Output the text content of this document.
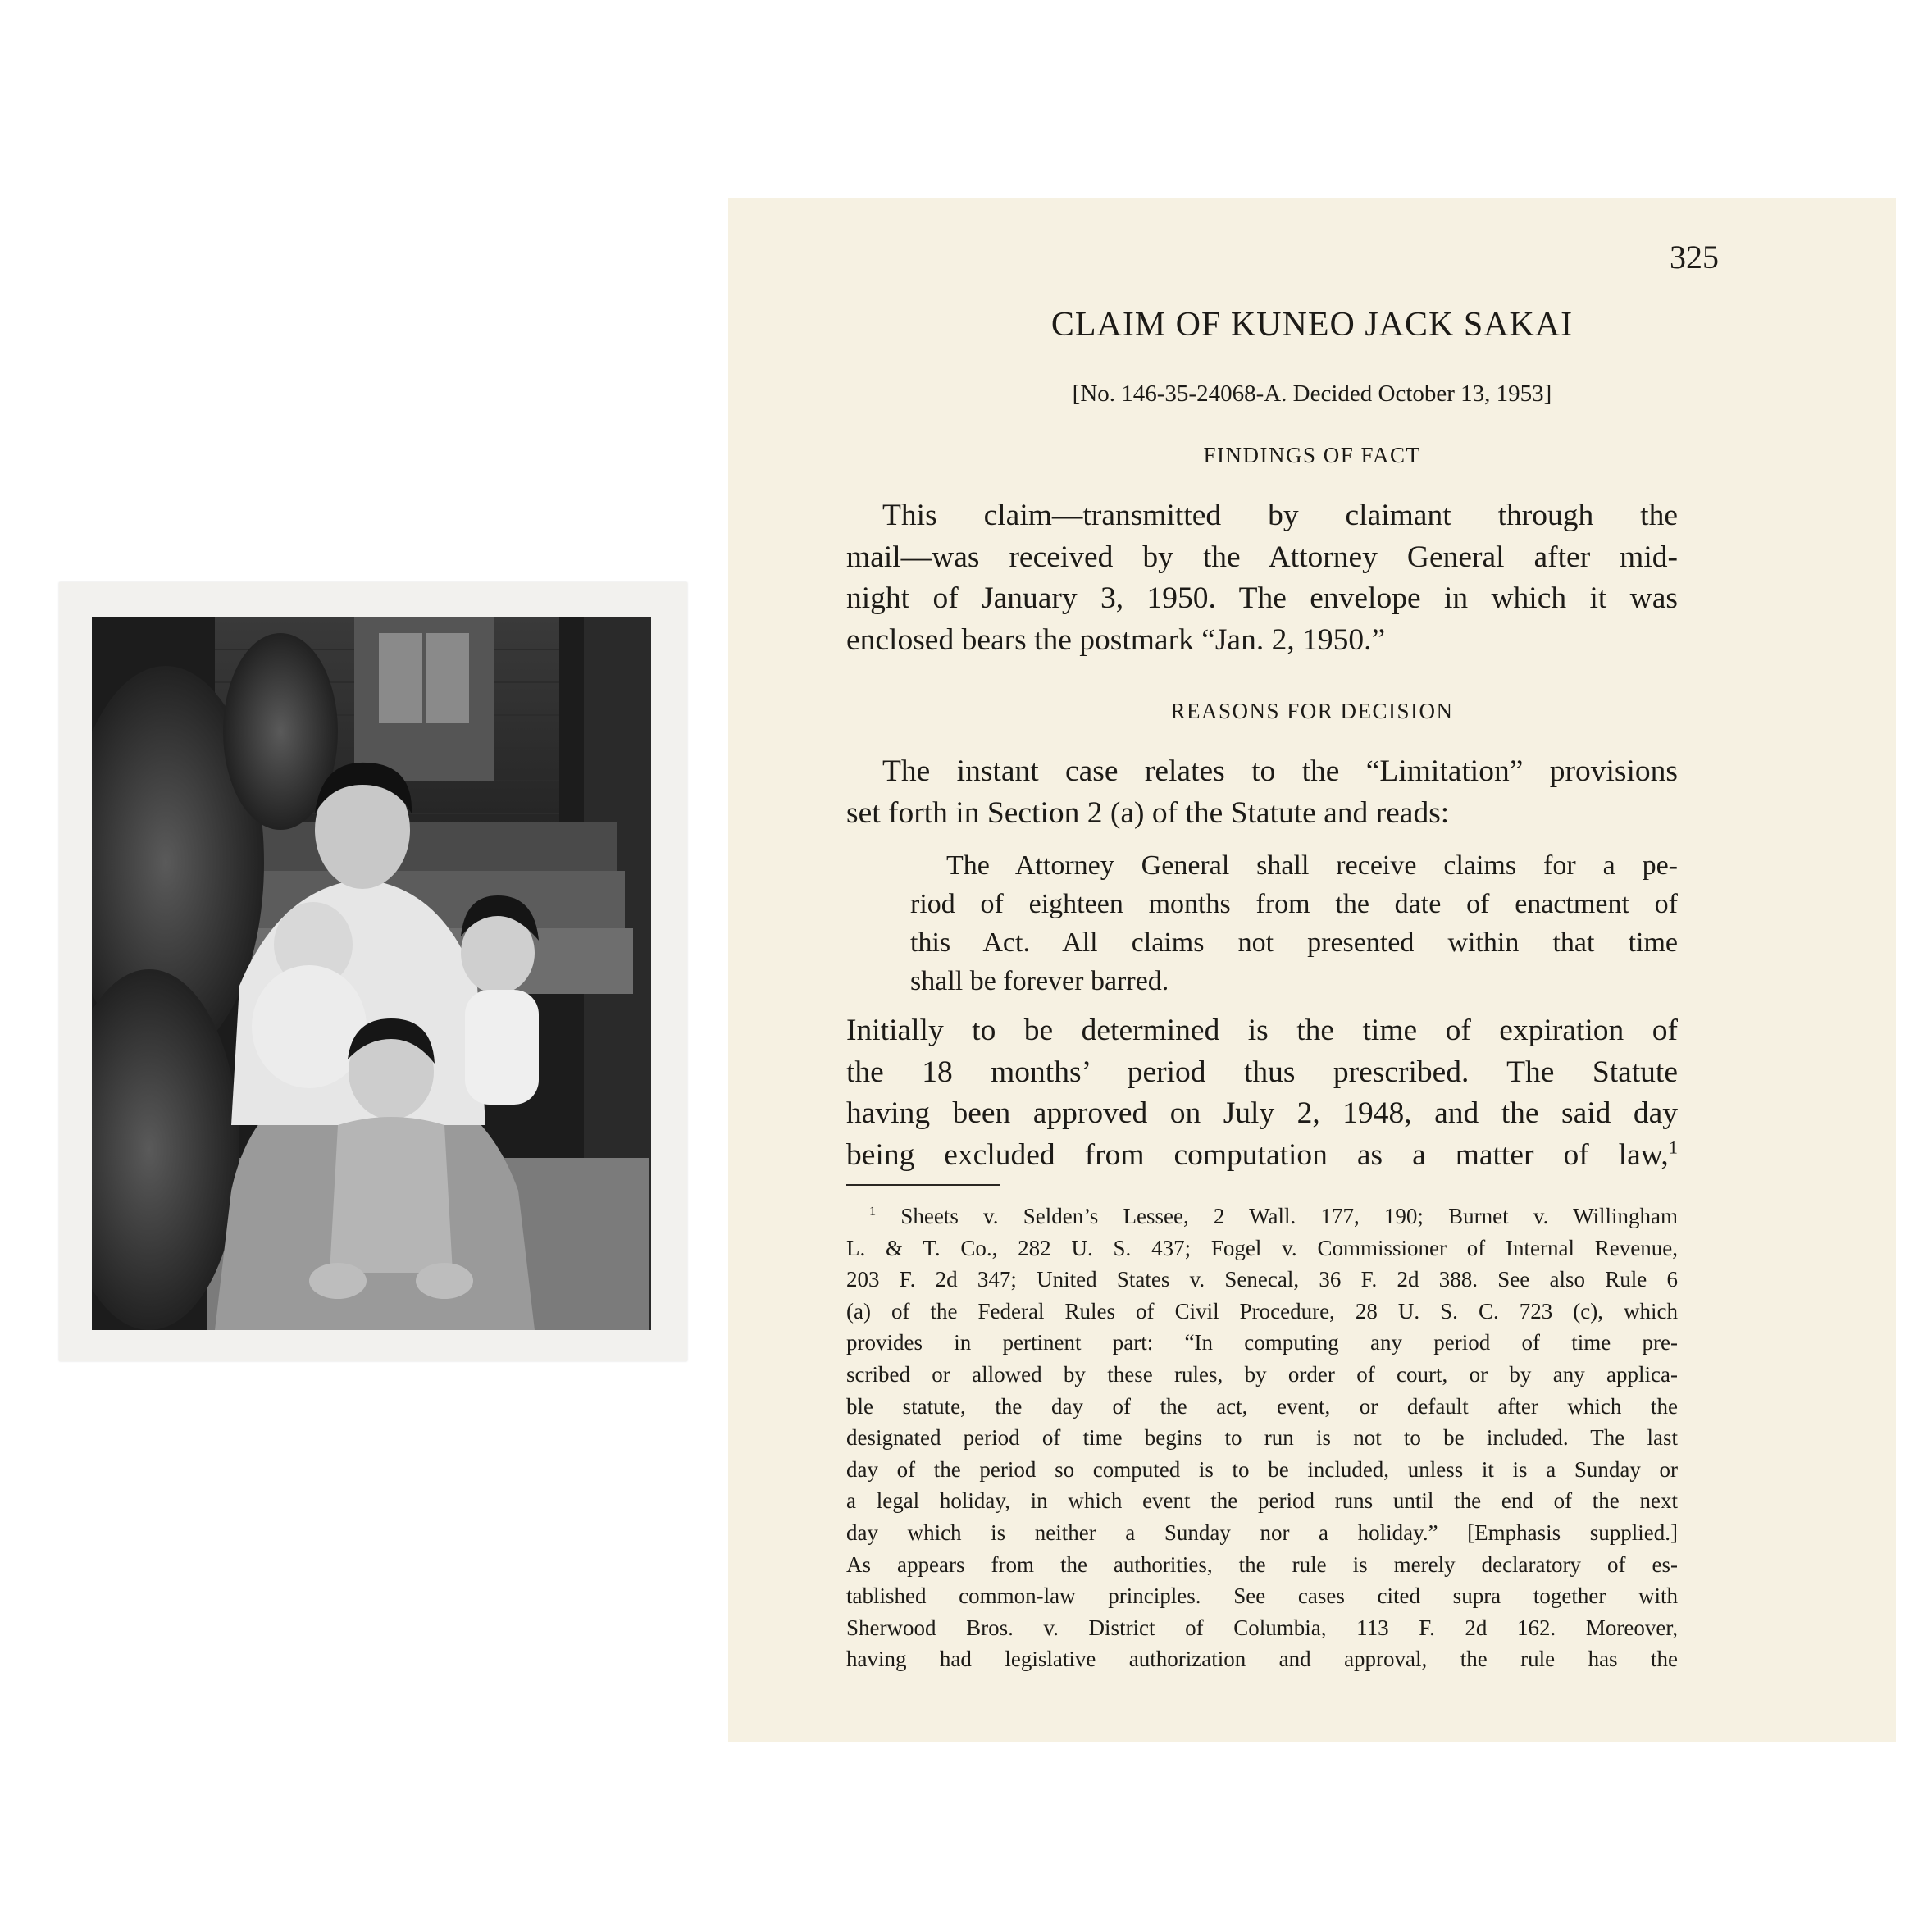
325
CLAIM OF KUNEO JACK SAKAI
[No. 146-35-24068-A. Decided October 13, 1953]
FINDINGS OF FACT
This claim—transmitted by claimant through the
mail—was received by the Attorney General after mid-
night of January 3, 1950. The envelope in which it was
enclosed bears the postmark “Jan. 2, 1950.”
REASONS FOR DECISION
The instant case relates to the “Limitation” provisions
set forth in Section 2 (a) of the Statute and reads:
The Attorney General shall receive claims for a pe-
riod of eighteen months from the date of enactment of
this Act. All claims not presented within that time
shall be forever barred.
Initially to be determined is the time of expiration of
the 18 months’ period thus prescribed. The Statute
having been approved on July 2, 1948, and the said day
being excluded from computation as a matter of law,$^1$
$^1$ Sheets v. Selden’s Lessee, 2 Wall. 177, 190; Burnet v. Willingham
L. & T. Co., 282 U. S. 437; Fogel v. Commissioner of Internal Revenue,
203 F. 2d 347; United States v. Senecal, 36 F. 2d 388. See also Rule 6
(a) of the Federal Rules of Civil Procedure, 28 U. S. C. 723 (c), which
provides in pertinent part: “In computing any period of time pre-
scribed or allowed by these rules, by order of court, or by any applica-
ble statute, the day of the act, event, or default after which the
designated period of time begins to run is not to be included. The last
day of the period so computed is to be included, unless it is a Sunday or
a legal holiday, in which event the period runs until the end of the next
day which is neither a Sunday nor a holiday.” [Emphasis supplied.]
As appears from the authorities, the rule is merely declaratory of es-
tablished common-law principles. See cases cited supra together with
Sherwood Bros. v. District of Columbia, 113 F. 2d 162. Moreover,
having had legislative authorization and approval, the rule has the
